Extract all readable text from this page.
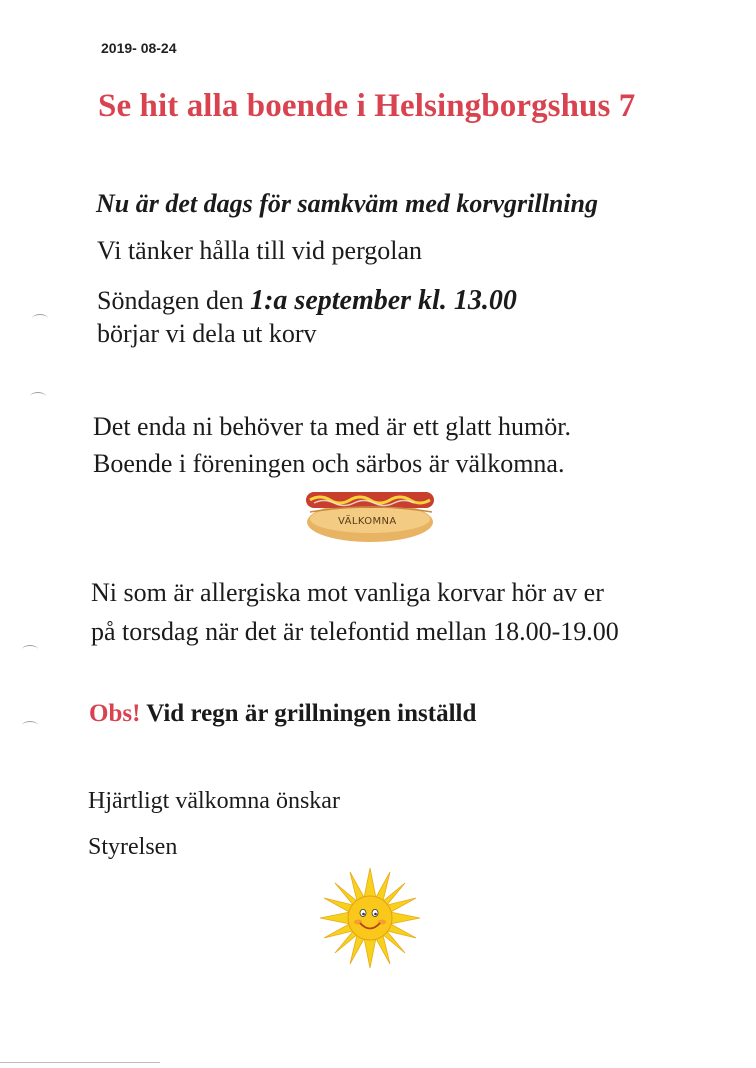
2019- 08-24
Se hit alla boende i Helsingborgshus 7
Nu är det dags för samkväm med korvgrillning
Vi tänker hålla till vid pergolan
Söndagen den 1:a september kl. 13.00
börjar vi dela ut korv
Det enda ni behöver ta med är ett glatt humör.
Boende i föreningen och särbos är välkomna.
VÄLKOMNA
Ni som är allergiska mot vanliga korvar hör av er
på torsdag när det är telefontid mellan 18.00-19.00
Obs! Vid regn är grillningen inställd
Hjärtligt välkomna önskar
Styrelsen
